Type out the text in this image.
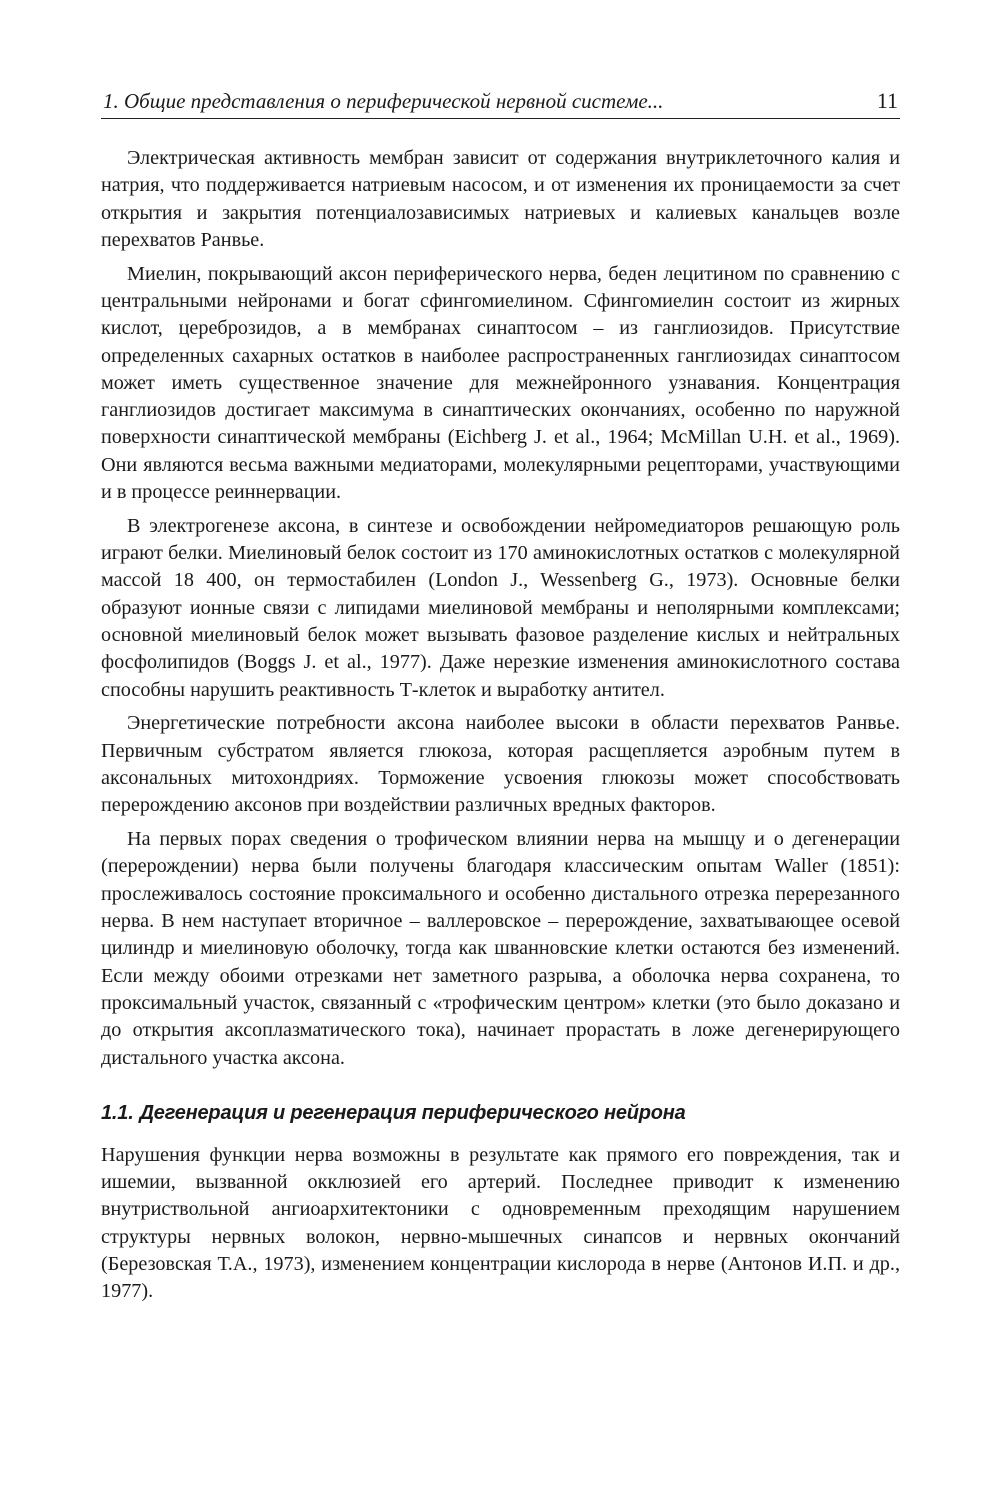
1. Общие представления о периферической нервной системе...	11

Электрическая активность мембран зависит от содержания внутриклеточного калия и натрия, что поддерживается натриевым насосом, и от изменения их проницаемости за счет открытия и закрытия потенциалозависимых натриевых и калиевых канальцев возле перехватов Ранвье.

Миелин, покрывающий аксон периферического нерва, беден лецитином по сравнению с центральными нейронами и богат сфингомиелином. Сфингомиелин состоит из жирных кислот, цереброзидов, а в мембранах синаптосом – из ганглиозидов. Присутствие определенных сахарных остатков в наиболее распространенных ганглиозидах синаптосом может иметь существенное значение для межнейронного узнавания. Концентрация ганглиозидов достигает максимума в синаптических окончаниях, особенно по наружной поверхности синаптической мембраны (Eichberg J. et al., 1964; McMillan U.H. et al., 1969). Они являются весьма важными медиаторами, молекулярными рецепторами, участвующими и в процессе реиннервации.

В электрогенезе аксона, в синтезе и освобождении нейромедиаторов решающую роль играют белки. Миелиновый белок состоит из 170 аминокислотных остатков с молекулярной массой 18 400, он термостабилен (London J., Wessenberg G., 1973). Основные белки образуют ионные связи с липидами миелиновой мембраны и неполярными комплексами; основной миелиновый белок может вызывать фазовое разделение кислых и нейтральных фосфолипидов (Boggs J. et al., 1977). Даже нерезкие изменения аминокислотного состава способны нарушить реактивность Т-клеток и выработку антител.

Энергетические потребности аксона наиболее высоки в области перехватов Ранвье. Первичным субстратом является глюкоза, которая расщепляется аэробным путем в аксональных митохондриях. Торможение усвоения глюкозы может способствовать перерождению аксонов при воздействии различных вредных факторов.

На первых порах сведения о трофическом влиянии нерва на мышцу и о дегенерации (перерождении) нерва были получены благодаря классическим опытам Waller (1851): прослеживалось состояние проксимального и особенно дистального отрезка перерезанного нерва. В нем наступает вторичное – валлеровское – перерождение, захватывающее осевой цилиндр и миелиновую оболочку, тогда как шванновские клетки остаются без изменений. Если между обоими отрезками нет заметного разрыва, а оболочка нерва сохранена, то проксимальный участок, связанный с «трофическим центром» клетки (это было доказано и до открытия аксоплазматического тока), начинает прорастать в ложе дегенерирующего дистального участка аксона.

1.1. Дегенерация и регенерация периферического нейрона

Нарушения функции нерва возможны в результате как прямого его повреждения, так и ишемии, вызванной окклюзией его артерий. Последнее приводит к изменению внутриствольной ангиоархитектоники с одновременным преходящим нарушением структуры нервных волокон, нервно-мышечных синапсов и нервных окончаний (Березовская Т.А., 1973), изменением концентрации кислорода в нерве (Антонов И.П. и др., 1977).
